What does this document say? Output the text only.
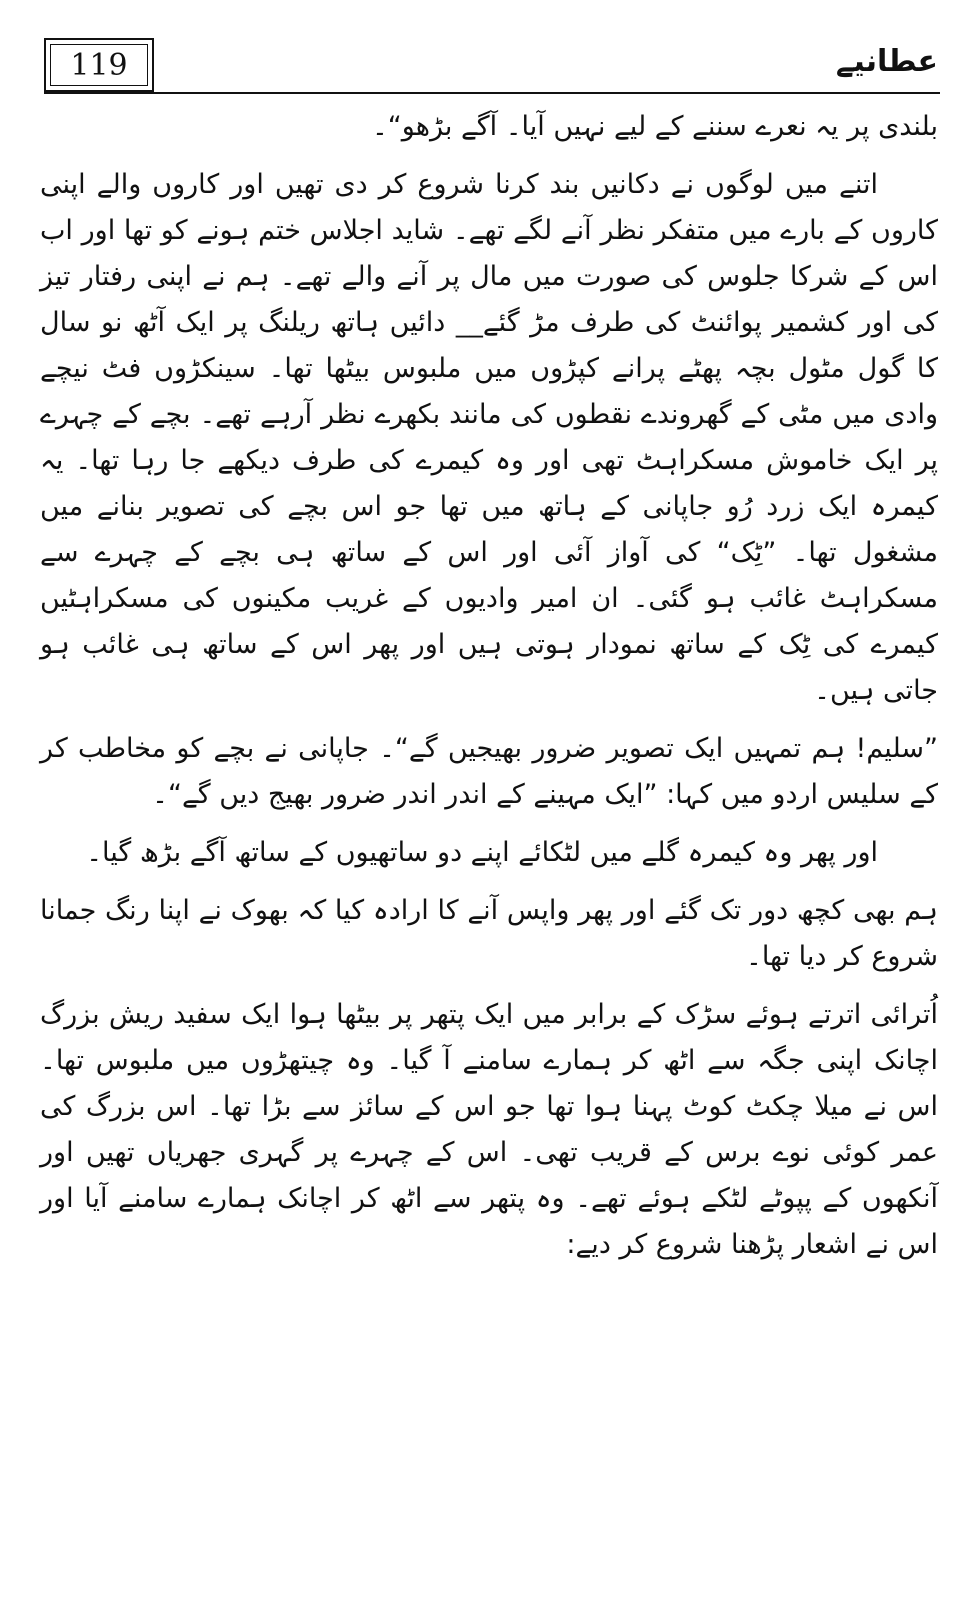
119	عطانیے

بلندی پر یہ نعرے سننے کے لیے نہیں آیا۔ آگے بڑھو“۔

اتنے میں لوگوں نے دکانیں بند کرنا شروع کر دی تھیں اور کاروں والے اپنی کاروں کے بارے میں متفکر نظر آنے لگے تھے۔ شاید اجلاس ختم ہونے کو تھا اور اب اس کے شرکا جلوس کی صورت میں مال پر آنے والے تھے۔ ہم نے اپنی رفتار تیز کی اور کشمیر پوائنٹ کی طرف مڑ گئے__ دائیں ہاتھ ریلنگ پر ایک آٹھ نو سال کا گول مٹول بچہ پھٹے پرانے کپڑوں میں ملبوس بیٹھا تھا۔ سینکڑوں فٹ نیچے وادی میں مٹی کے گھروندے نقطوں کی مانند بکھرے نظر آرہے تھے۔ بچے کے چہرے پر ایک خاموش مسکراہٹ تھی اور وہ کیمرے کی طرف دیکھے جا رہا تھا۔ یہ کیمرہ ایک زرد رُو جاپانی کے ہاتھ میں تھا جو اس بچے کی تصویر بنانے میں مشغول تھا۔ ”ٹِک“ کی آواز آئی اور اس کے ساتھ ہی بچے کے چہرے سے مسکراہٹ غائب ہو گئی۔ ان امیر وادیوں کے غریب مکینوں کی مسکراہٹیں کیمرے کی ٹِک کے ساتھ نمودار ہوتی ہیں اور پھر اس کے ساتھ ہی غائب ہو جاتی ہیں۔

”سلیم! ہم تمہیں ایک تصویر ضرور بھیجیں گے“۔ جاپانی نے بچے کو مخاطب کر کے سلیس اردو میں کہا: ”ایک مہینے کے اندر اندر ضرور بھیج دیں گے“۔

اور پھر وہ کیمرہ گلے میں لٹکائے اپنے دو ساتھیوں کے ساتھ آگے بڑھ گیا۔

ہم بھی کچھ دور تک گئے اور پھر واپس آنے کا ارادہ کیا کہ بھوک نے اپنا رنگ جمانا شروع کر دیا تھا۔

اُترائی اترتے ہوئے سڑک کے برابر میں ایک پتھر پر بیٹھا ہوا ایک سفید ریش بزرگ اچانک اپنی جگہ سے اٹھ کر ہمارے سامنے آ گیا۔ وہ چیتھڑوں میں ملبوس تھا۔ اس نے میلا چکٹ کوٹ پہنا ہوا تھا جو اس کے سائز سے بڑا تھا۔ اس بزرگ کی عمر کوئی نوے برس کے قریب تھی۔ اس کے چہرے پر گہری جھریاں تھیں اور آنکھوں کے پپوٹے لٹکے ہوئے تھے۔ وہ پتھر سے اٹھ کر اچانک ہمارے سامنے آیا اور اس نے اشعار پڑھنا شروع کر دیے:
